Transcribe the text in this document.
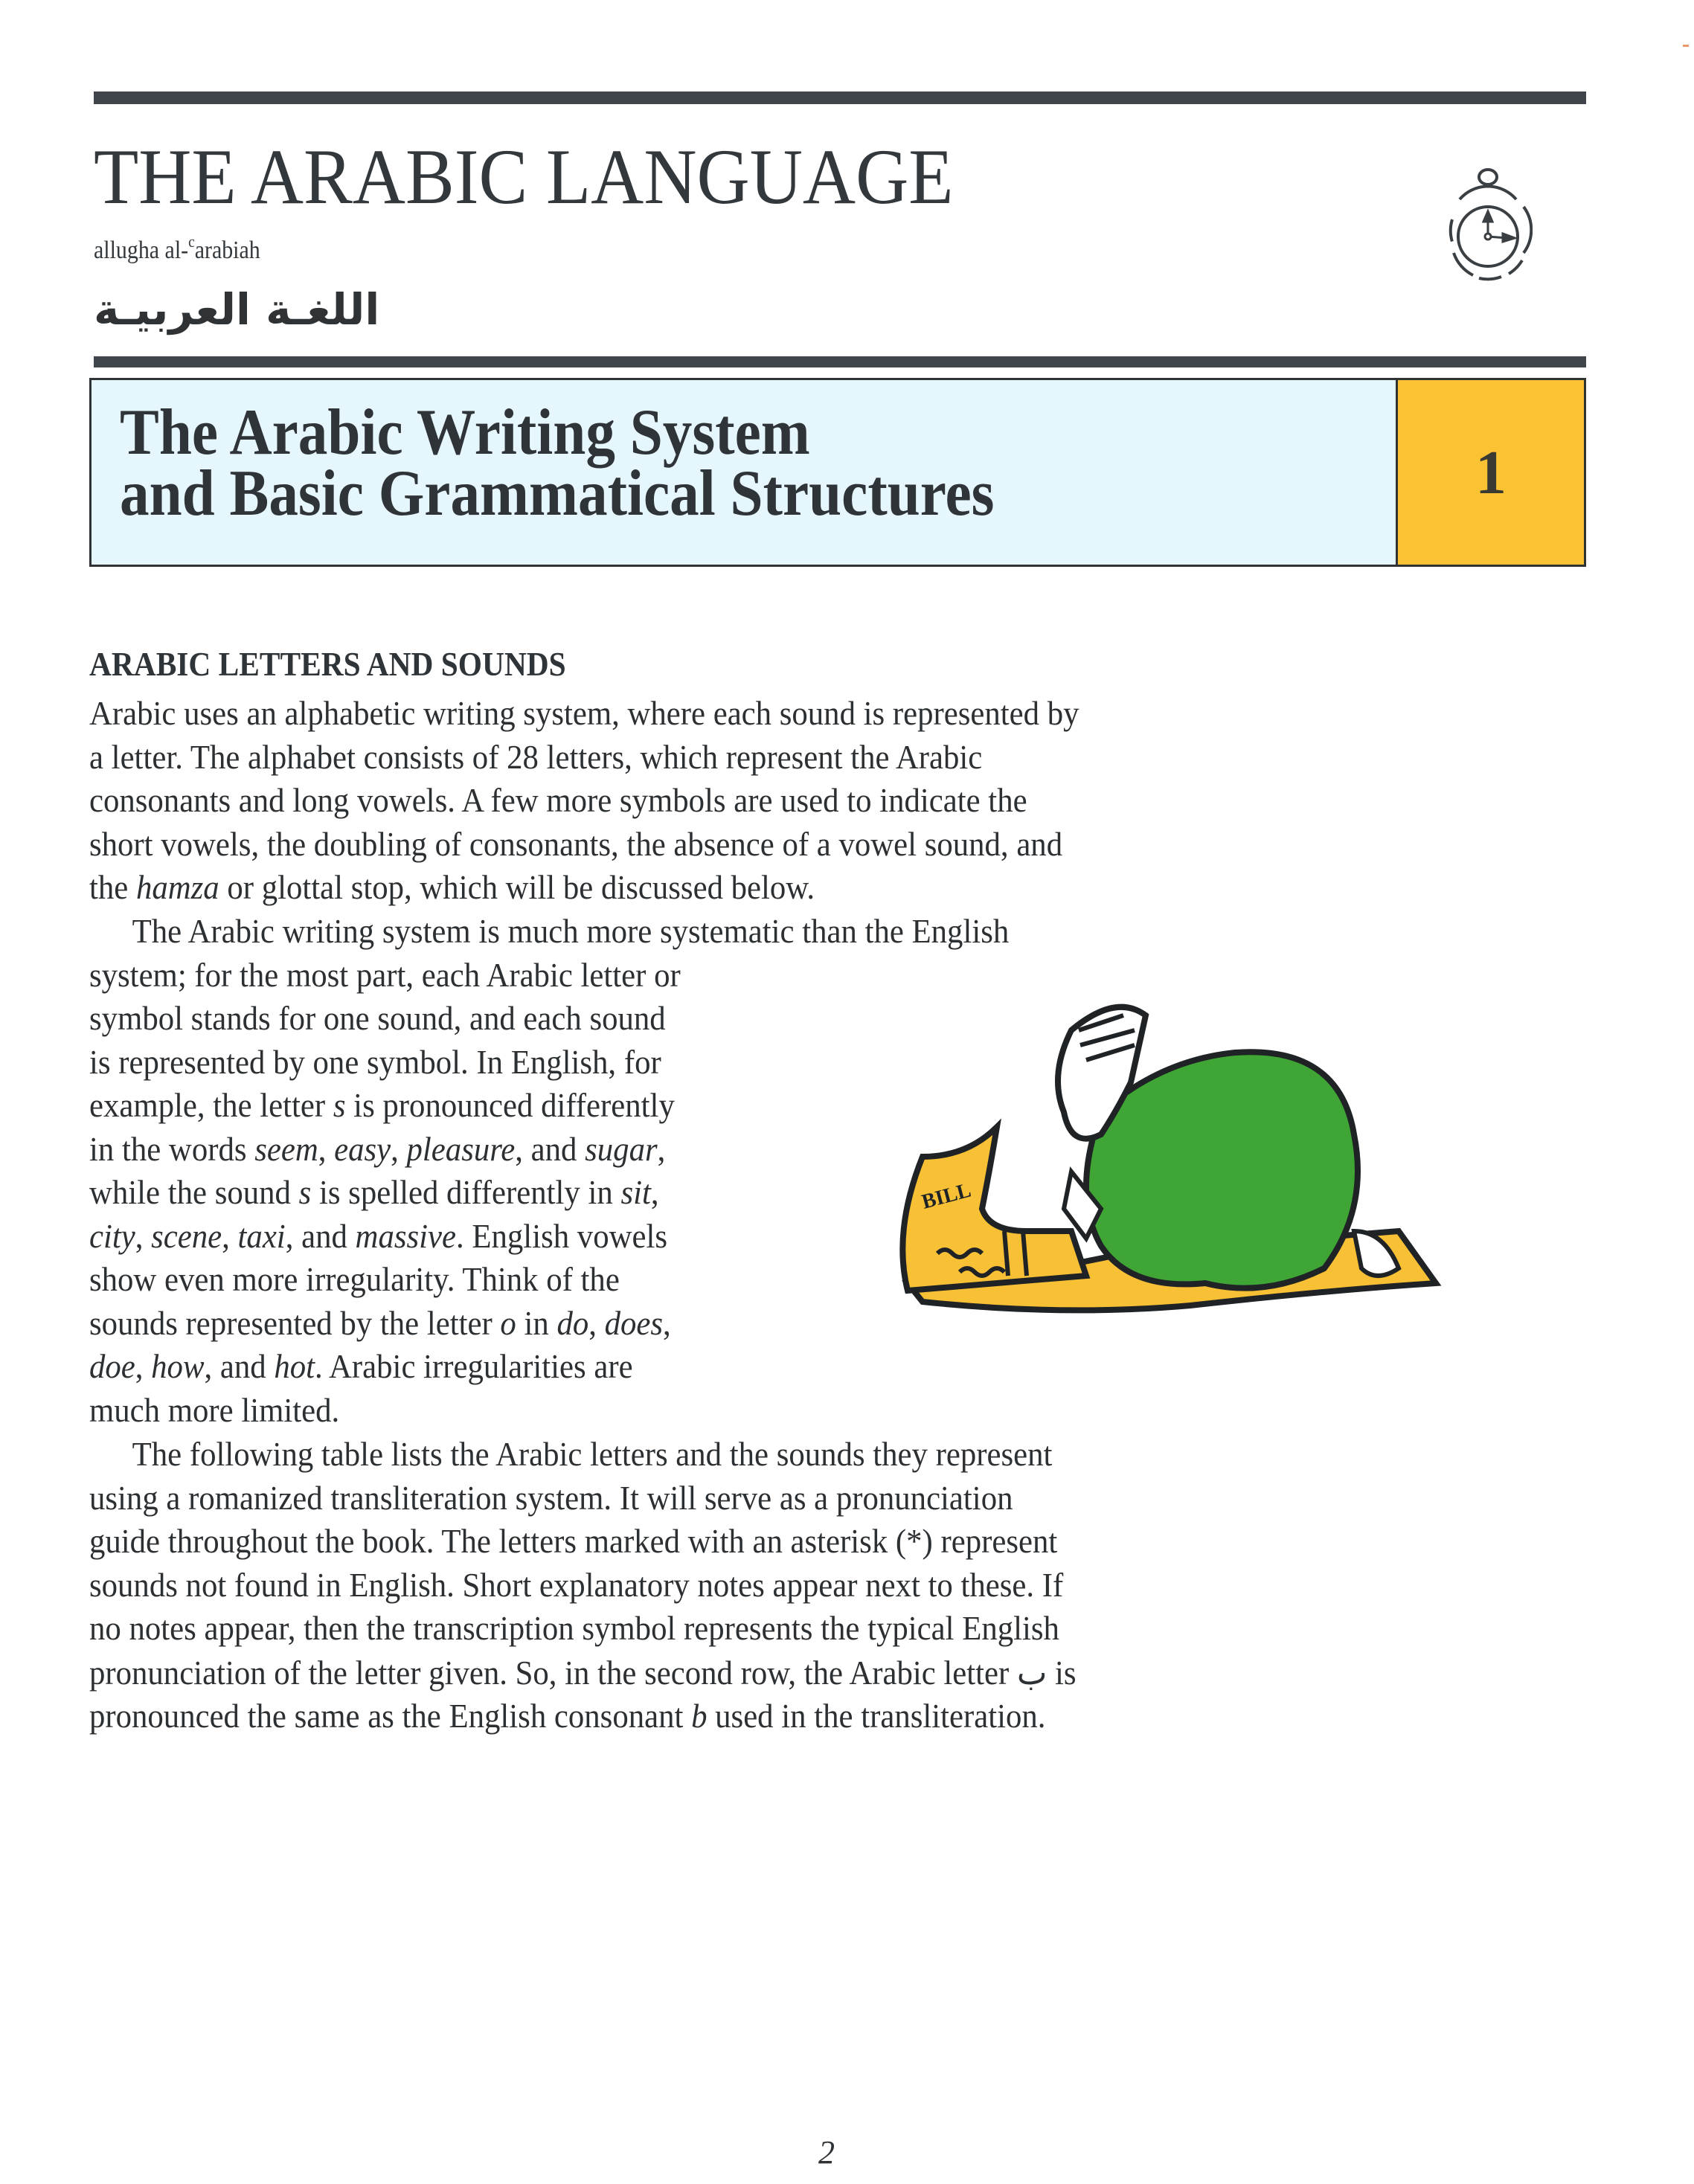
THE ARABIC LANGUAGE
allugha al-$^c$arabiah
اللغـة العربيـة
The Arabic Writing System
and Basic Grammatical Structures	1
ARABIC LETTERS AND SOUNDS

Arabic uses an alphabetic writing system, where each sound is represented by
a letter. The alphabet consists of 28 letters, which represent the Arabic
consonants and long vowels. A few more symbols are used to indicate the
short vowels, the doubling of consonants, the absence of a vowel sound, and
the hamza or glottal stop, which will be discussed below.

The Arabic writing system is much more systematic than the English
system; for the most part, each Arabic letter or
symbol stands for one sound, and each sound
is represented by one symbol. In English, for
example, the letter s is pronounced differently
in the words seem, easy, pleasure, and sugar,
while the sound s is spelled differently in sit,
city, scene, taxi, and massive. English vowels
show even more irregularity. Think of the
sounds represented by the letter o in do, does,
doe, how, and hot. Arabic irregularities are
much more limited.

BILL

The following table lists the Arabic letters and the sounds they represent
using a romanized transliteration system. It will serve as a pronunciation
guide throughout the book. The letters marked with an asterisk (*) represent
sounds not found in English. Short explanatory notes appear next to these. If
no notes appear, then the transcription symbol represents the typical English
pronunciation of the letter given. So, in the second row, the Arabic letter ب is
pronounced the same as the English consonant b used in the transliteration.

2
